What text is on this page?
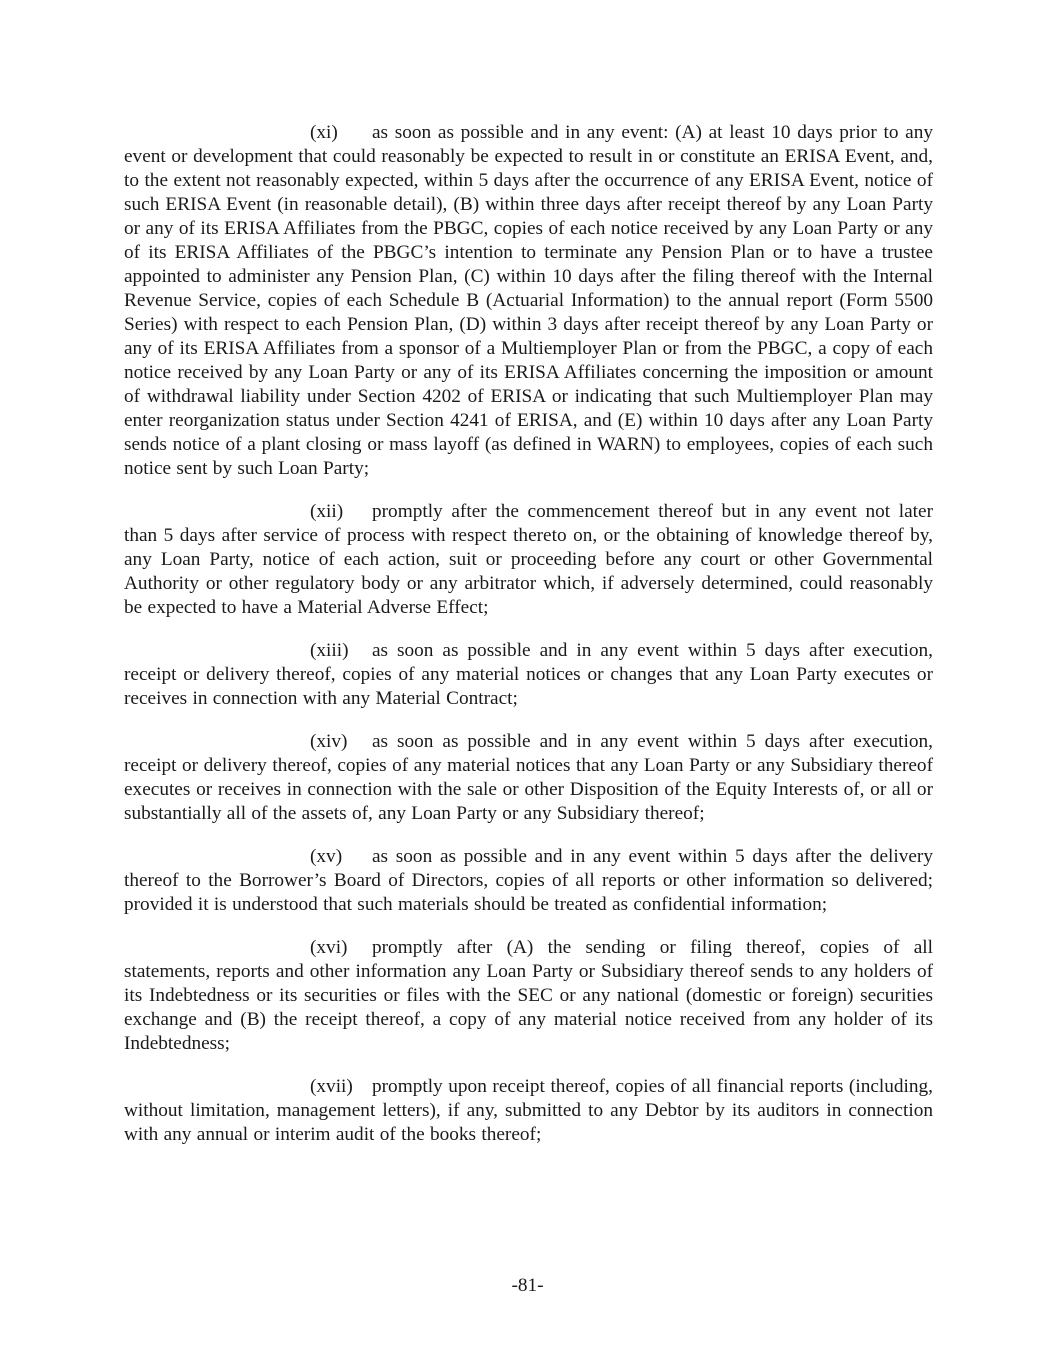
(xi) as soon as possible and in any event: (A) at least 10 days prior to any event or development that could reasonably be expected to result in or constitute an ERISA Event, and, to the extent not reasonably expected, within 5 days after the occurrence of any ERISA Event, notice of such ERISA Event (in reasonable detail), (B) within three days after receipt thereof by any Loan Party or any of its ERISA Affiliates from the PBGC, copies of each notice received by any Loan Party or any of its ERISA Affiliates of the PBGC’s intention to terminate any Pension Plan or to have a trustee appointed to administer any Pension Plan, (C) within 10 days after the filing thereof with the Internal Revenue Service, copies of each Schedule B (Actuarial Information) to the annual report (Form 5500 Series) with respect to each Pension Plan, (D) within 3 days after receipt thereof by any Loan Party or any of its ERISA Affiliates from a sponsor of a Multiemployer Plan or from the PBGC, a copy of each notice received by any Loan Party or any of its ERISA Affiliates concerning the imposition or amount of withdrawal liability under Section 4202 of ERISA or indicating that such Multiemployer Plan may enter reorganization status under Section 4241 of ERISA, and (E) within 10 days after any Loan Party sends notice of a plant closing or mass layoff (as defined in WARN) to employees, copies of each such notice sent by such Loan Party;

(xii) promptly after the commencement thereof but in any event not later than 5 days after service of process with respect thereto on, or the obtaining of knowledge thereof by, any Loan Party, notice of each action, suit or proceeding before any court or other Governmental Authority or other regulatory body or any arbitrator which, if adversely determined, could reasonably be expected to have a Material Adverse Effect;

(xiii) as soon as possible and in any event within 5 days after execution, receipt or delivery thereof, copies of any material notices or changes that any Loan Party executes or receives in connection with any Material Contract;

(xiv) as soon as possible and in any event within 5 days after execution, receipt or delivery thereof, copies of any material notices that any Loan Party or any Subsidiary thereof executes or receives in connection with the sale or other Disposition of the Equity Interests of, or all or substantially all of the assets of, any Loan Party or any Subsidiary thereof;

(xv) as soon as possible and in any event within 5 days after the delivery thereof to the Borrower’s Board of Directors, copies of all reports or other information so delivered; provided it is understood that such materials should be treated as confidential information;

(xvi) promptly after (A) the sending or filing thereof, copies of all statements, reports and other information any Loan Party or Subsidiary thereof sends to any holders of its Indebtedness or its securities or files with the SEC or any national (domestic or foreign) securities exchange and (B) the receipt thereof, a copy of any material notice received from any holder of its Indebtedness;

(xvii) promptly upon receipt thereof, copies of all financial reports (including, without limitation, management letters), if any, submitted to any Debtor by its auditors in connection with any annual or interim audit of the books thereof;

-81-
